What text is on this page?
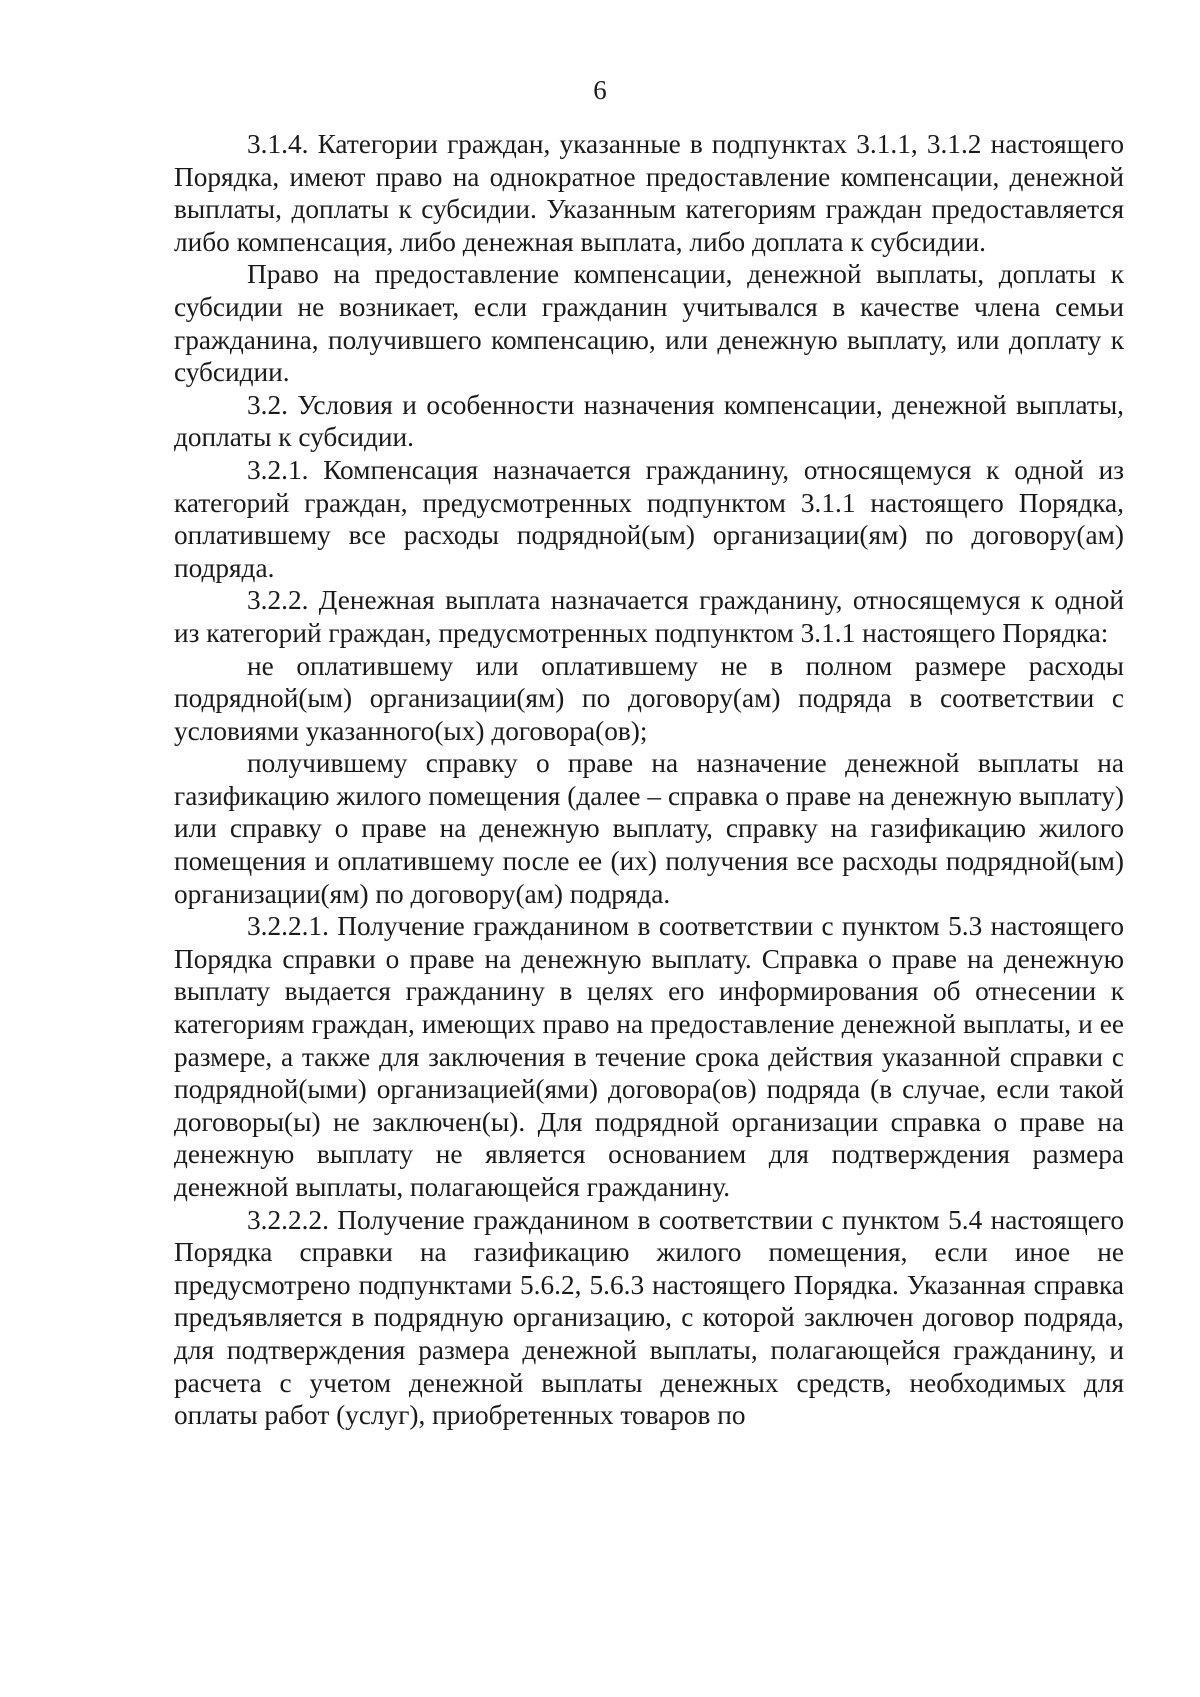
6

3.1.4. Категории граждан, указанные в подпунктах 3.1.1, 3.1.2 настоящего Порядка, имеют право на однократное предоставление компенсации, денежной выплаты, доплаты к субсидии. Указанным категориям граждан предоставляется либо компенсация, либо денежная выплата, либо доплата к субсидии.

Право на предоставление компенсации, денежной выплаты, доплаты к субсидии не возникает, если гражданин учитывался в качестве члена семьи гражданина, получившего компенсацию, или денежную выплату, или доплату к субсидии.

3.2. Условия и особенности назначения компенсации, денежной выплаты, доплаты к субсидии.

3.2.1. Компенсация назначается гражданину, относящемуся к одной из категорий граждан, предусмотренных подпунктом 3.1.1 настоящего Порядка, оплатившему все расходы подрядной(ым) организации(ям) по договору(ам) подряда.

3.2.2. Денежная выплата назначается гражданину, относящемуся к одной из категорий граждан, предусмотренных подпунктом 3.1.1 настоящего Порядка:

не оплатившему или оплатившему не в полном размере расходы подрядной(ым) организации(ям) по договору(ам) подряда в соответствии с условиями указанного(ых) договора(ов);

получившему справку о праве на назначение денежной выплаты на газификацию жилого помещения (далее – справка о праве на денежную выплату) или справку о праве на денежную выплату, справку на газификацию жилого помещения и оплатившему после ее (их) получения все расходы подрядной(ым) организации(ям) по договору(ам) подряда.

3.2.2.1. Получение гражданином в соответствии с пунктом 5.3 настоящего Порядка справки о праве на денежную выплату. Справка о праве на денежную выплату выдается гражданину в целях его информирования об отнесении к категориям граждан, имеющих право на предоставление денежной выплаты, и ее размере, а также для заключения в течение срока действия указанной справки с подрядной(ыми) организацией(ями) договора(ов) подряда (в случае, если такой договоры(ы) не заключен(ы). Для подрядной организации справка о праве на денежную выплату не является основанием для подтверждения размера денежной выплаты, полагающейся гражданину.

3.2.2.2. Получение гражданином в соответствии с пунктом 5.4 настоящего Порядка справки на газификацию жилого помещения, если иное не предусмотрено подпунктами 5.6.2, 5.6.3 настоящего Порядка. Указанная справка предъявляется в подрядную организацию, с которой заключен договор подряда, для подтверждения размера денежной выплаты, полагающейся гражданину, и расчета с учетом денежной выплаты денежных средств, необходимых для оплаты работ (услуг), приобретенных товаров по
